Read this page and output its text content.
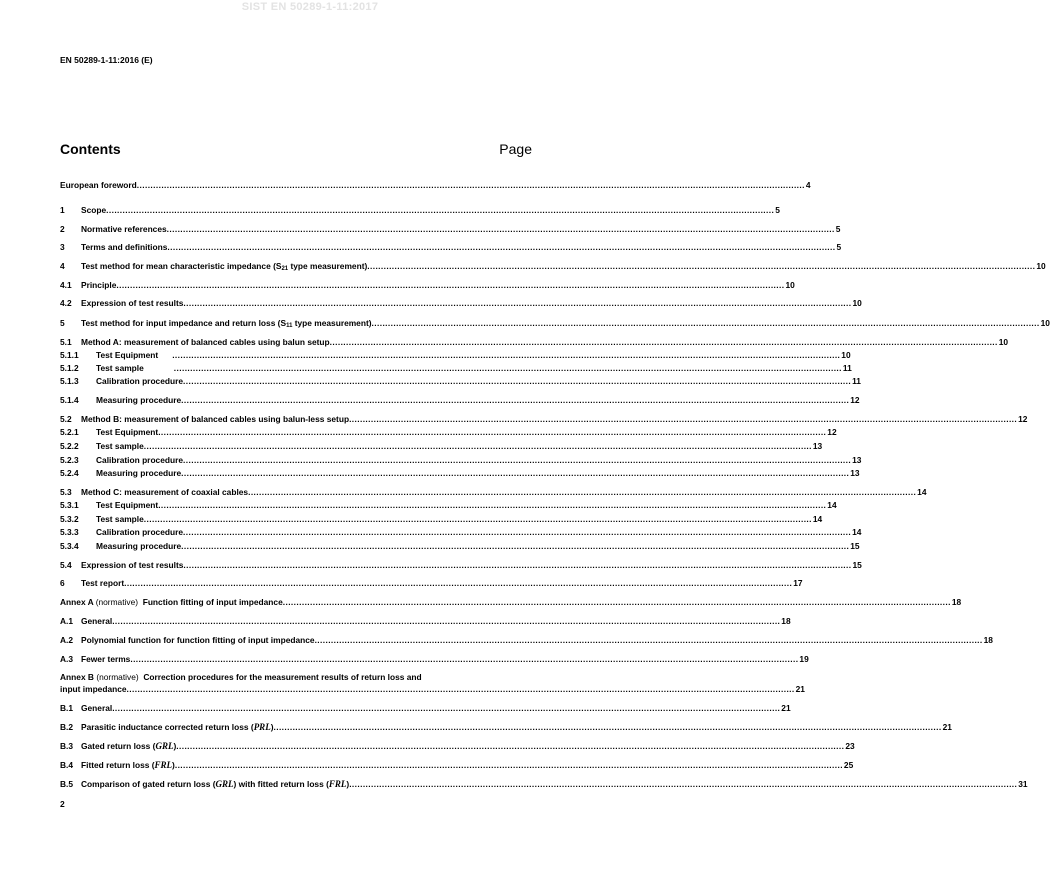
SIST EN 50289-1-11:2017
EN 50289-1-11:2016 (E)
Contents	Page
European foreword .....	4
1	Scope .....	5
2	Normative references .....	5
3	Terms and definitions .....	5
4	Test method for mean characteristic impedance ($S_{21}$ type measurement) .....	10
4.1	Principle .....	10
4.2	Expression of test results .....	10
5	Test method for input impedance and return loss ($S_{11}$ type measurement) .....	10
5.1	Method A: measurement of balanced cables using balun setup .....	10
5.1.1	Test Equipment .....	10
5.1.2	Test sample .....	11
5.1.3	Calibration procedure .....	11
5.1.4	Measuring procedure .....	12
5.2	Method B: measurement of balanced cables using balun-less setup .....	12
5.2.1	Test Equipment .....	12
5.2.2	Test sample .....	13
5.2.3	Calibration procedure .....	13
5.2.4	Measuring procedure .....	13
5.3	Method C: measurement of coaxial cables .....	14
5.3.1	Test Equipment .....	14
5.3.2	Test sample .....	14
5.3.3	Calibration procedure .....	14
5.3.4	Measuring procedure .....	15
5.4	Expression of test results .....	15
6	Test report .....	17
Annex A (normative) Function fitting of input impedance .....	18
A.1 General .....	18
A.2 Polynomial function for function fitting of input impedance .....	18
A.3 Fewer terms .....	19
Annex B (normative) Correction procedures for the measurement results of return loss and
input impedance .....	21
B.1 General .....	21
B.2 Parasitic inductance corrected return loss (PRL) .....	21
B.3 Gated return loss (GRL) .....	23
B.4 Fitted return loss (FRL) .....	25
B.5 Comparison of gated return loss (GRL) with fitted return loss (FRL) .....	31
2
